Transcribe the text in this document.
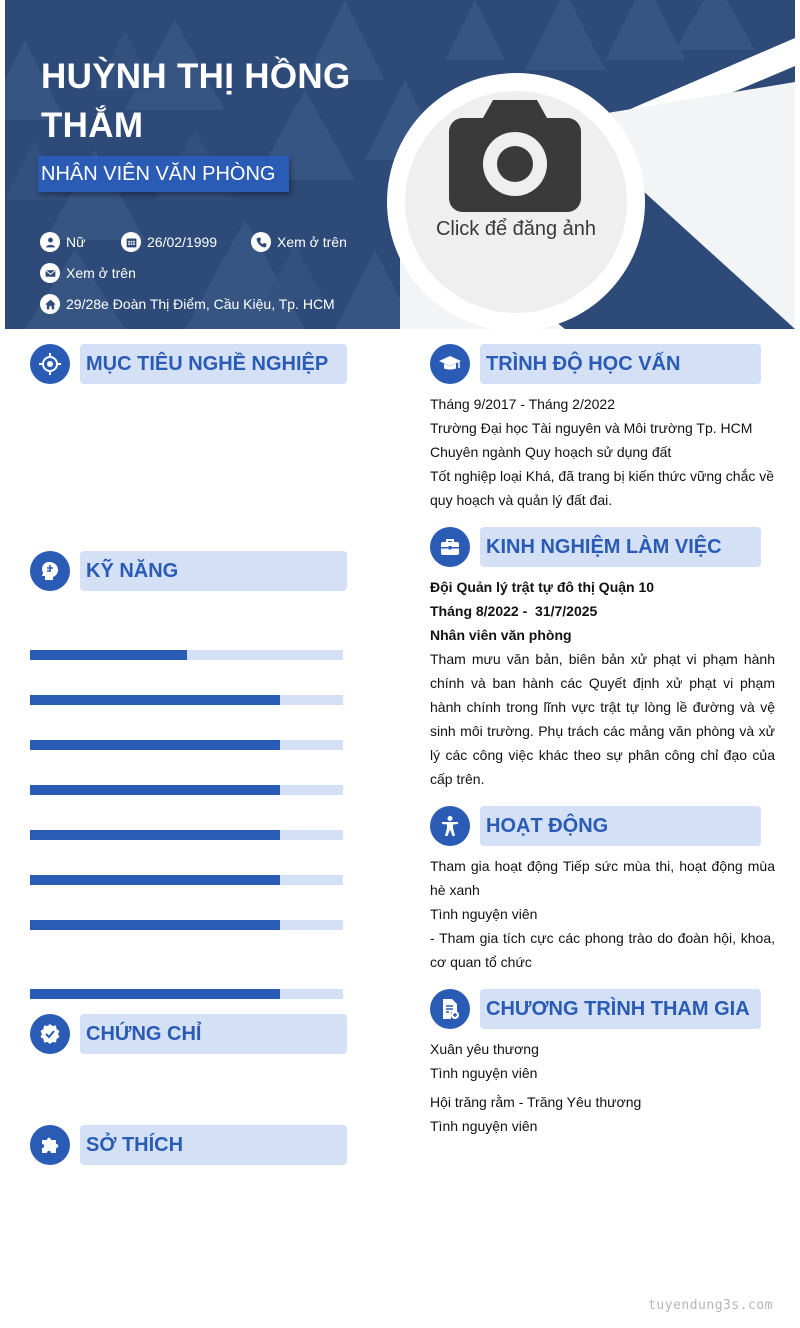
HUỲNH THỊ HỒNG THẮM
NHÂN VIÊN VĂN PHÒNG
Nữ	26/02/1999	Xem ở trên
Xem ở trên
29/28e Đoàn Thị Điểm, Cầu Kiệu, Tp. HCM
Click để đăng ảnh
MỤC TIÊU NGHỀ NGHIỆP
KỸ NĂNG
CHỨNG CHỈ
SỞ THÍCH
TRÌNH ĐỘ HỌC VẤN
Tháng 9/2017 - Tháng 2/2022
Trường Đại học Tài nguyên và Môi trường Tp. HCM
Chuyên ngành Quy hoạch sử dụng đất
Tốt nghiệp loại Khá, đã trang bị kiến thức vững chắc về quy hoạch và quản lý đất đai.
KINH NGHIỆM LÀM VIỆC
Đội Quản lý trật tự đô thị Quận 10
Tháng 8/2022 -  31/7/2025
Nhân viên văn phòng
Tham mưu văn bản, biên bản xử phạt vi phạm hành chính và ban hành các Quyết định xử phạt vi phạm hành chính trong lĩnh vực trật tự lòng lề đường và vệ sinh môi trường. Phụ trách các mảng văn phòng và xử lý các công việc khác theo sự phân công chỉ đạo của cấp trên.
HOẠT ĐỘNG
Tham gia hoạt động Tiếp sức mùa thi, hoạt động mùa hè xanh
Tình nguyện viên
- Tham gia tích cực các phong trào do đoàn hội, khoa, cơ quan tổ chức
CHƯƠNG TRÌNH THAM GIA
Xuân yêu thương
Tình nguyện viên
Hội trăng rằm - Trăng Yêu thương
Tình nguyện viên
tuyendung3s.com
